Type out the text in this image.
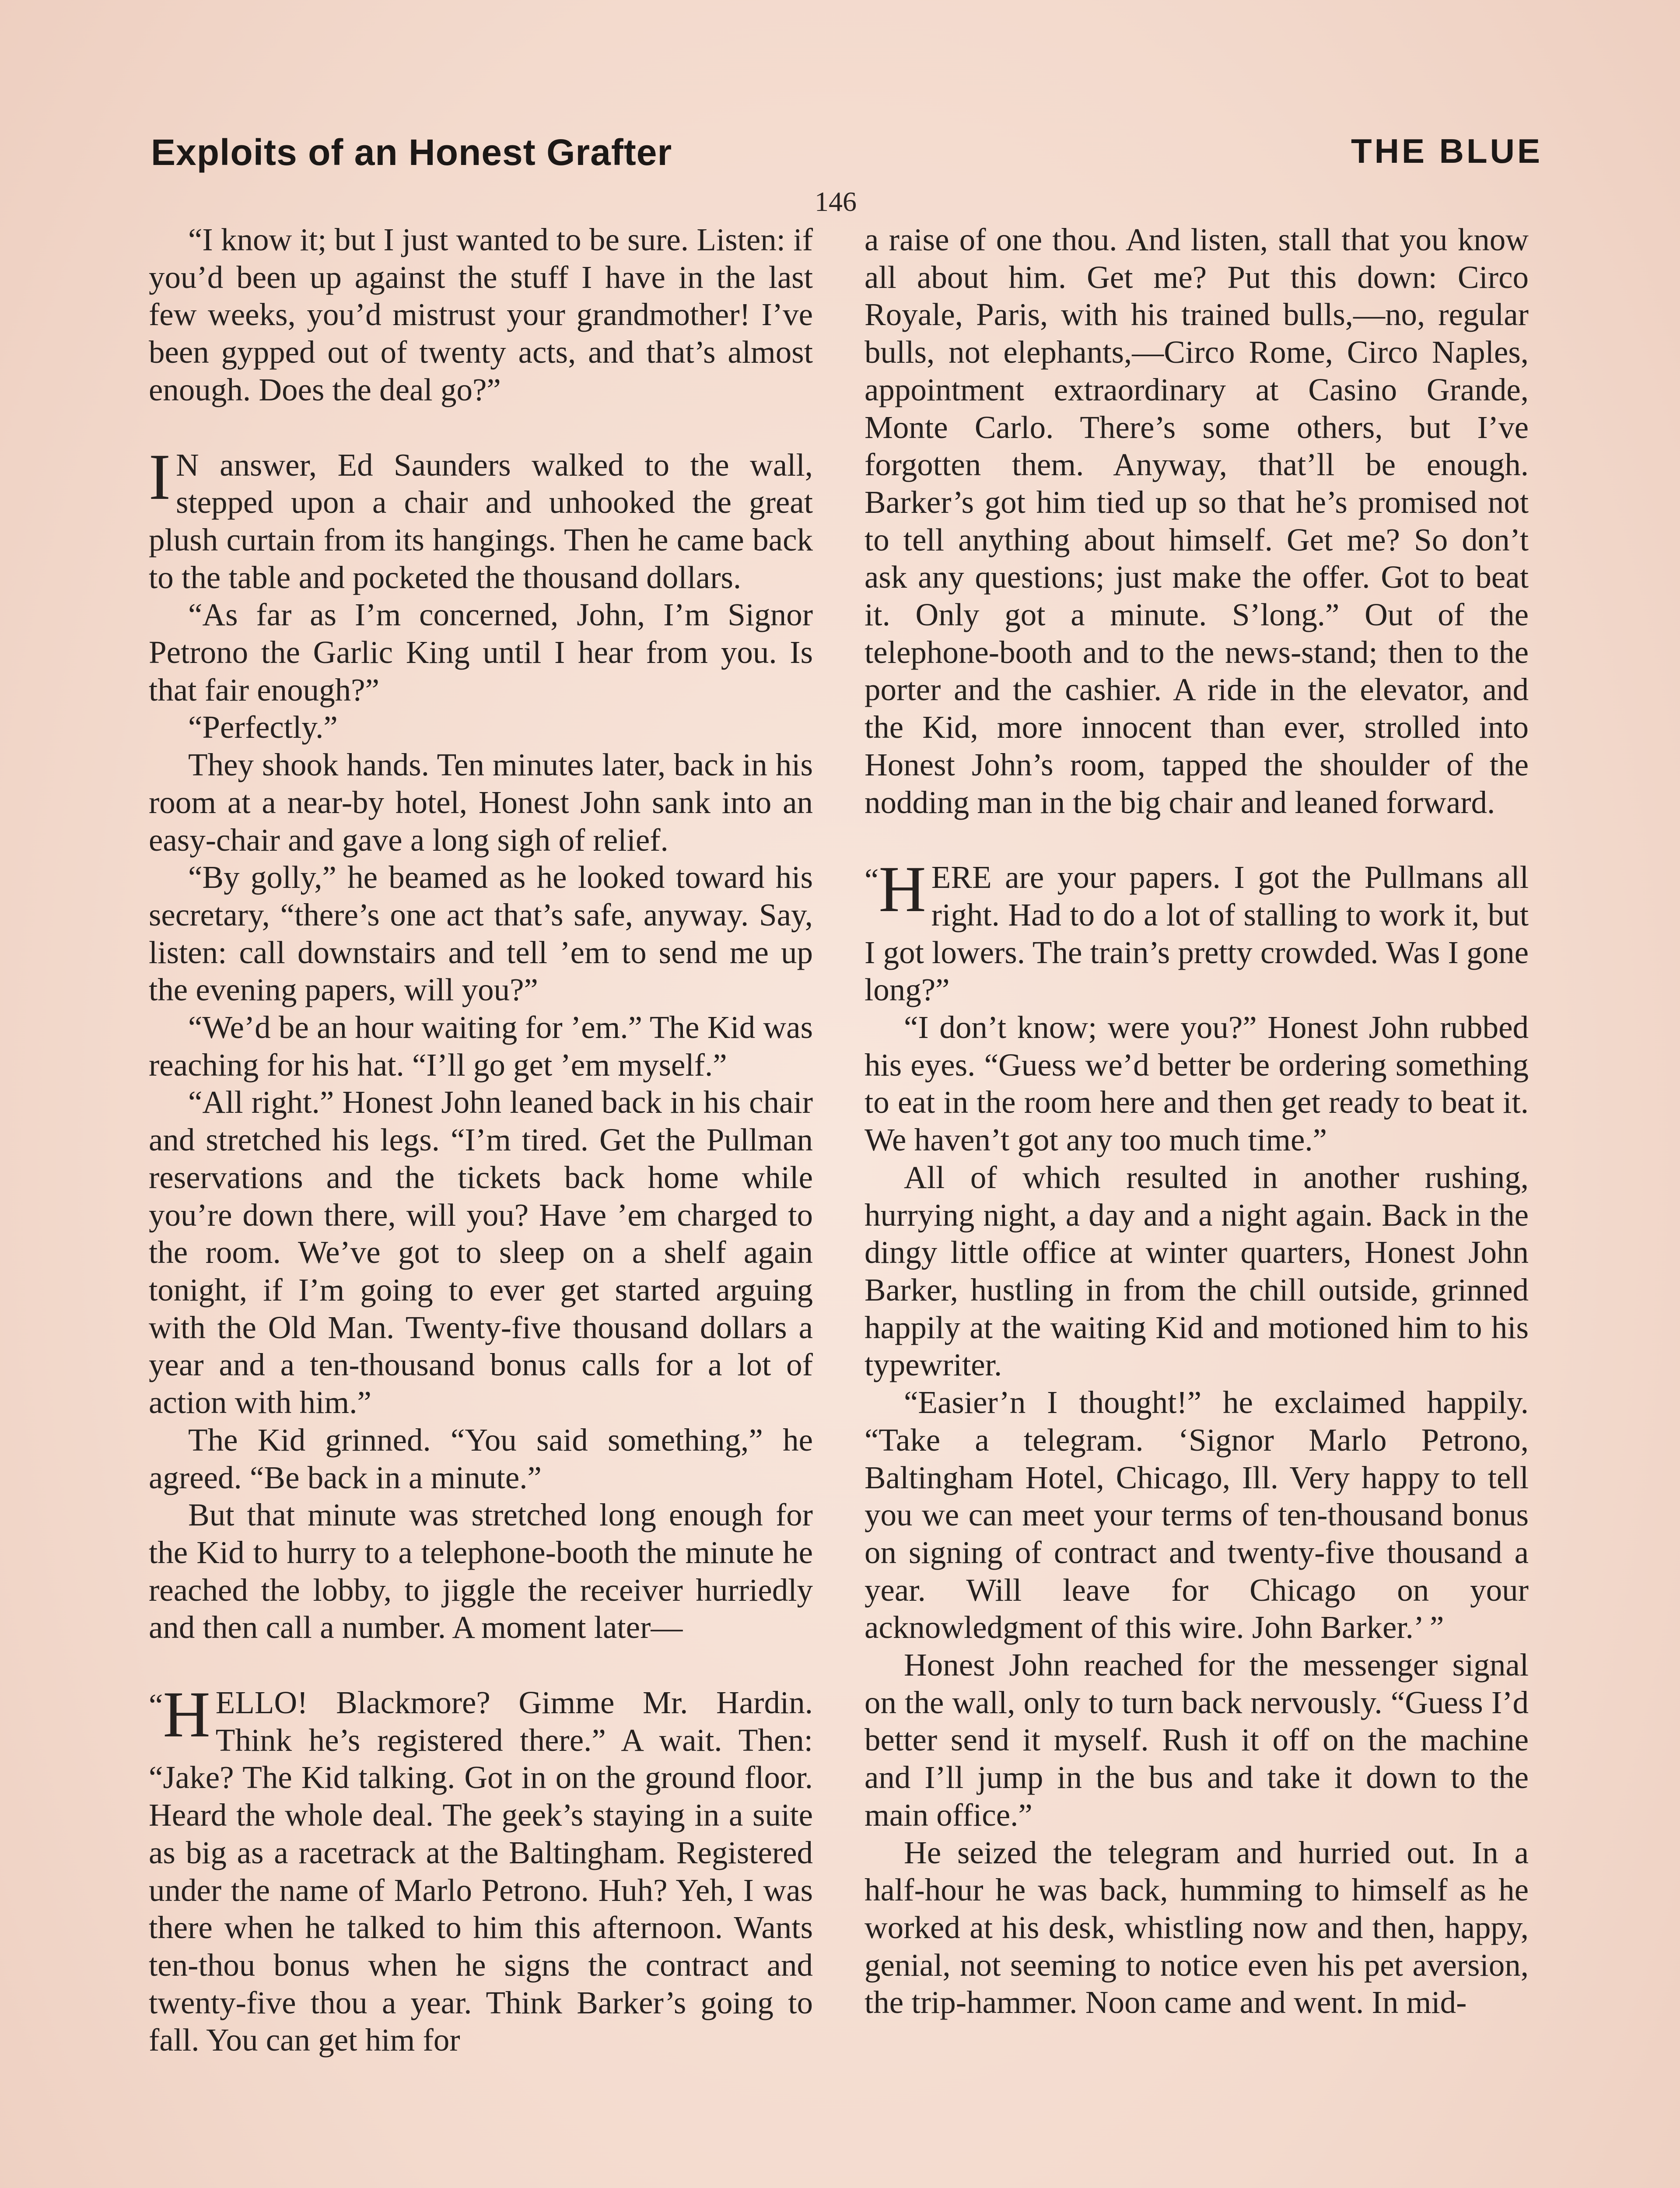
Exploits of an Honest Grafter	THE BLUE
146

“I know it; but I just wanted to be sure. Listen: if you’d been up against the stuff I have in the last few weeks, you’d mistrust your grandmother! I’ve been gypped out of twenty acts, and that’s almost enough. Does the deal go?”

I N answer, Ed Saunders walked to the wall, stepped upon a chair and unhooked the great plush curtain from its hangings. Then he came back to the table and pocketed the thousand dollars.

“As far as I’m concerned, John, I’m Signor Petrono the Garlic King until I hear from you. Is that fair enough?”

“Perfectly.”

They shook hands. Ten minutes later, back in his room at a near-by hotel, Honest John sank into an easy-chair and gave a long sigh of relief.

“By golly,” he beamed as he looked toward his secretary, “there’s one act that’s safe, anyway. Say, listen: call downstairs and tell ’em to send me up the evening papers, will you?”

“We’d be an hour waiting for ’em.” The Kid was reaching for his hat. “I’ll go get ’em myself.”

“All right.” Honest John leaned back in his chair and stretched his legs. “I’m tired. Get the Pullman reservations and the tickets back home while you’re down there, will you? Have ’em charged to the room. We’ve got to sleep on a shelf again tonight, if I’m going to ever get started arguing with the Old Man. Twenty-five thousand dollars a year and a ten-thousand bonus calls for a lot of action with him.”

The Kid grinned. “You said something,” he agreed. “Be back in a minute.”

But that minute was stretched long enough for the Kid to hurry to a telephone-booth the minute he reached the lobby, to jiggle the receiver hurriedly and then call a number. A moment later—

“H ELLO! Blackmore? Gimme Mr. Hardin. Think he’s registered there.” A wait. Then: “Jake? The Kid talking. Got in on the ground floor. Heard the whole deal. The geek’s staying in a suite as big as a racetrack at the Baltingham. Registered under the name of Marlo Petrono. Huh? Yeh, I was there when he talked to him this afternoon. Wants ten-thou bonus when he signs the contract and twenty-five thou a year. Think Barker’s going to fall. You can get him for

a raise of one thou. And listen, stall that you know all about him. Get me? Put this down: Circo Royale, Paris, with his trained bulls,—no, regular bulls, not elephants,—Circo Rome, Circo Naples, appointment extraordinary at Casino Grande, Monte Carlo. There’s some others, but I’ve forgotten them. Anyway, that’ll be enough. Barker’s got him tied up so that he’s promised not to tell anything about himself. Get me? So don’t ask any questions; just make the offer. Got to beat it. Only got a minute. S’long.” Out of the telephone-booth and to the news-stand; then to the porter and the cashier. A ride in the elevator, and the Kid, more innocent than ever, strolled into Honest John’s room, tapped the shoulder of the nodding man in the big chair and leaned forward.

“H ERE are your papers. I got the Pullmans all right. Had to do a lot of stalling to work it, but I got lowers. The train’s pretty crowded. Was I gone long?”

“I don’t know; were you?” Honest John rubbed his eyes. “Guess we’d better be ordering something to eat in the room here and then get ready to beat it. We haven’t got any too much time.”

All of which resulted in another rushing, hurrying night, a day and a night again. Back in the dingy little office at winter quarters, Honest John Barker, hustling in from the chill outside, grinned happily at the waiting Kid and motioned him to his typewriter.

“Easier’n I thought!” he exclaimed happily. “Take a telegram. ‘Signor Marlo Petrono, Baltingham Hotel, Chicago, Ill. Very happy to tell you we can meet your terms of ten-thousand bonus on signing of contract and twenty-five thousand a year. Will leave for Chicago on your acknowledgment of this wire. John Barker.’ ”

Honest John reached for the messenger signal on the wall, only to turn back nervously. “Guess I’d better send it myself. Rush it off on the machine and I’ll jump in the bus and take it down to the main office.”

He seized the telegram and hurried out. In a half-hour he was back, humming to himself as he worked at his desk, whistling now and then, happy, genial, not seeming to notice even his pet aversion, the trip-hammer. Noon came and went. In mid-
